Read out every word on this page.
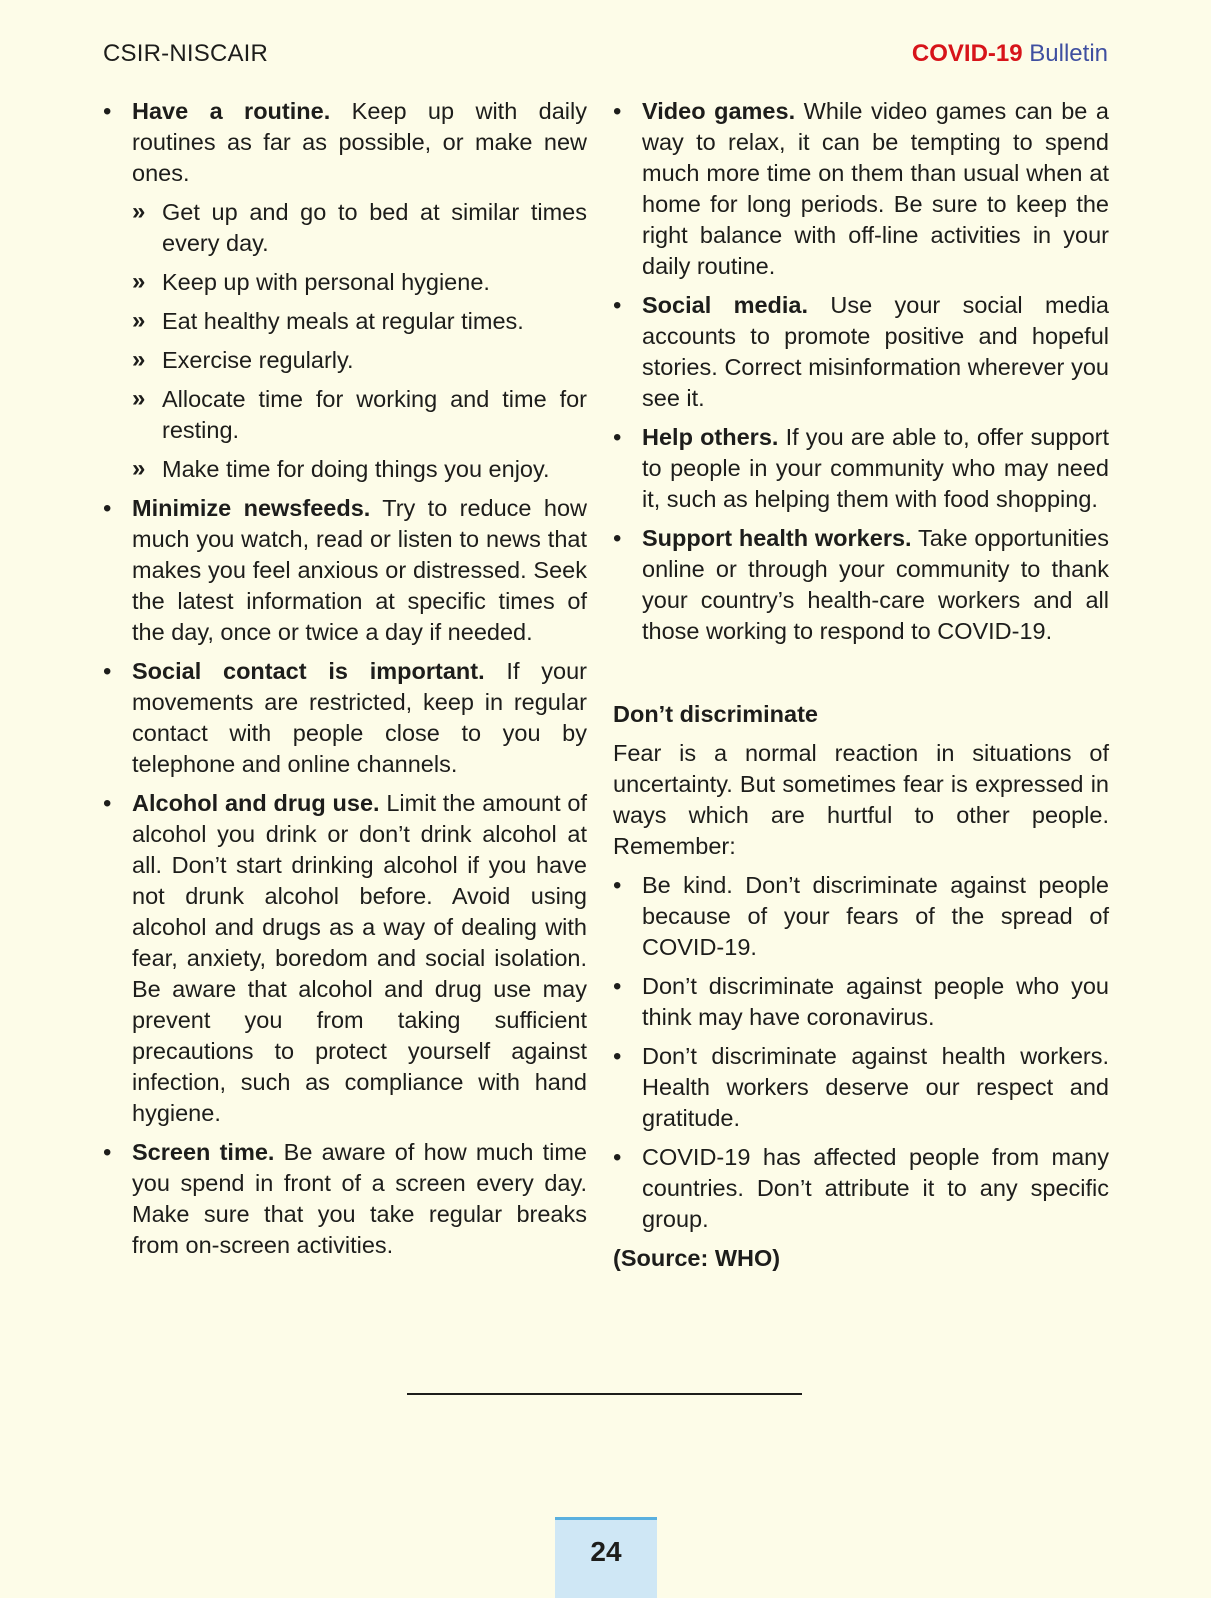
CSIR-NISCAIR	COVID-19 Bulletin
• Have a routine. Keep up with daily routines as far as possible, or make new ones.
» Get up and go to bed at similar times every day.
» Keep up with personal hygiene.
» Eat healthy meals at regular times.
» Exercise regularly.
» Allocate time for working and time for resting.
» Make time for doing things you enjoy.
• Minimize newsfeeds. Try to reduce how much you watch, read or listen to news that makes you feel anxious or distressed. Seek the latest information at specific times of the day, once or twice a day if needed.
• Social contact is important. If your movements are restricted, keep in regular contact with people close to you by telephone and online channels.
• Alcohol and drug use. Limit the amount of alcohol you drink or don’t drink alcohol at all. Don’t start drinking alcohol if you have not drunk alcohol before. Avoid using alcohol and drugs as a way of dealing with fear, anxiety, boredom and social isolation. Be aware that alcohol and drug use may prevent you from taking sufficient precautions to protect yourself against infection, such as compliance with hand hygiene.
• Screen time. Be aware of how much time you spend in front of a screen every day. Make sure that you take regular breaks from on-screen activities.
• Video games. While video games can be a way to relax, it can be tempting to spend much more time on them than usual when at home for long periods. Be sure to keep the right balance with off-line activities in your daily routine.
• Social media. Use your social media accounts to promote positive and hopeful stories. Correct misinformation wherever you see it.
• Help others. If you are able to, offer support to people in your community who may need it, such as helping them with food shopping.
• Support health workers. Take opportunities online or through your community to thank your country’s health-care workers and all those working to respond to COVID-19.
Don’t discriminate

Fear is a normal reaction in situations of uncertainty. But sometimes fear is expressed in ways which are hurtful to other people. Remember:

• Be kind. Don’t discriminate against people because of your fears of the spread of COVID-19.
• Don’t discriminate against people who you think may have coronavirus.
• Don’t discriminate against health workers. Health workers deserve our respect and gratitude.
• COVID-19 has affected people from many countries. Don’t attribute it to any specific group.
(Source: WHO)
24
